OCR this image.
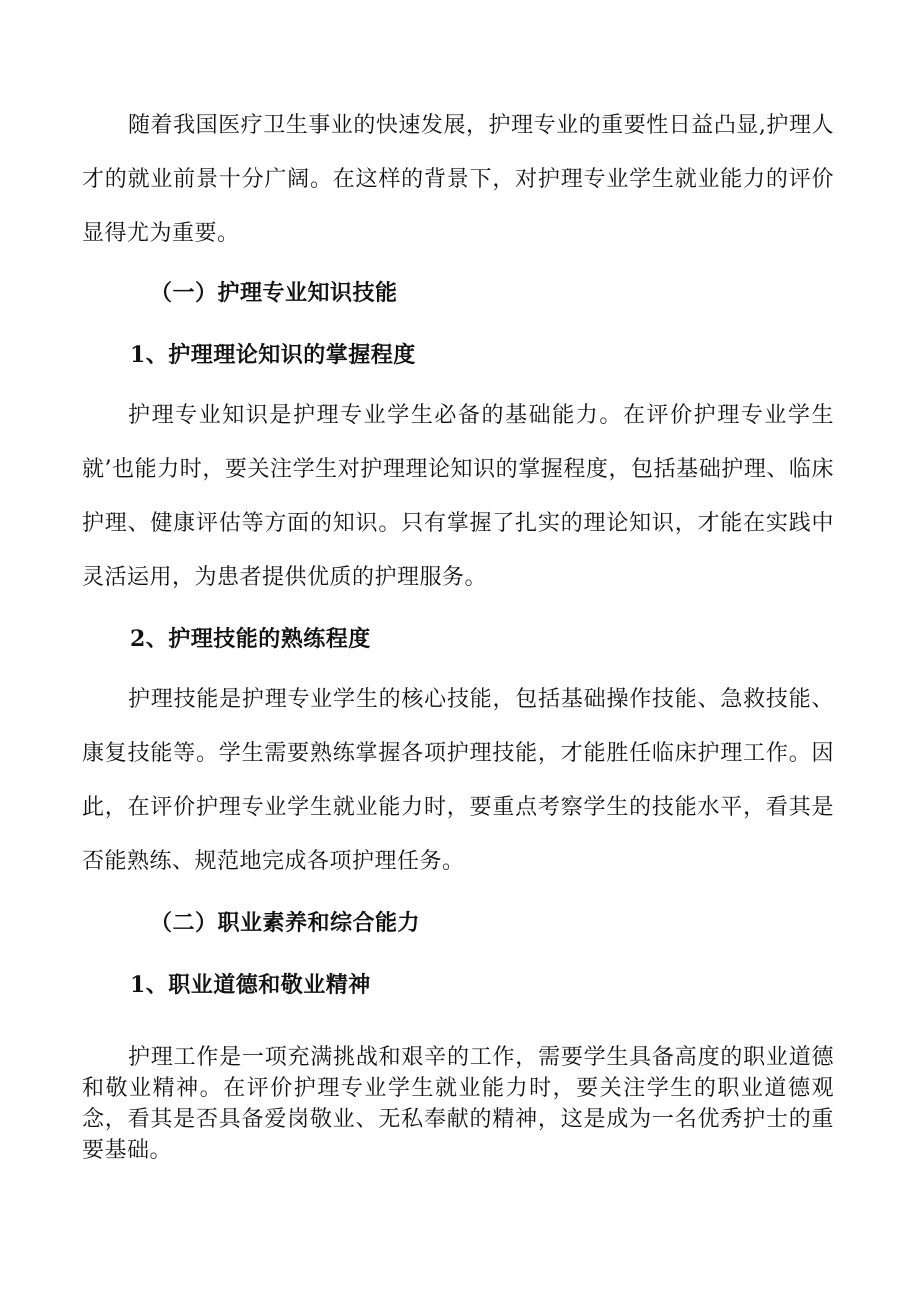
随着我国医疗卫生事业的快速发展，护理专业的重要性日益凸显,护理人才的就业前景十分广阔。在这样的背景下，对护理专业学生就业能力的评价显得尤为重要。

（一）护理专业知识技能
1、护理理论知识的掌握程度

护理专业知识是护理专业学生必备的基础能力。在评价护理专业学生就’也能力时，要关注学生对护理理论知识的掌握程度，包括基础护理、临床护理、健康评估等方面的知识。只有掌握了扎实的理论知识，才能在实践中灵活运用，为患者提供优质的护理服务。

2、护理技能的熟练程度

护理技能是护理专业学生的核心技能，包括基础操作技能、急救技能、康复技能等。学生需要熟练掌握各项护理技能，才能胜任临床护理工作。因此，在评价护理专业学生就业能力时，要重点考察学生的技能水平，看其是否能熟练、规范地完成各项护理任务。

（二）职业素养和综合能力
1、职业道德和敬业精神

护理工作是一项充满挑战和艰辛的工作，需要学生具备高度的职业道德和敬业精神。在评价护理专业学生就业能力时，要关注学生的职业道德观念，看其是否具备爱岗敬业、无私奉献的精神，这是成为一名优秀护士的重要基础。
